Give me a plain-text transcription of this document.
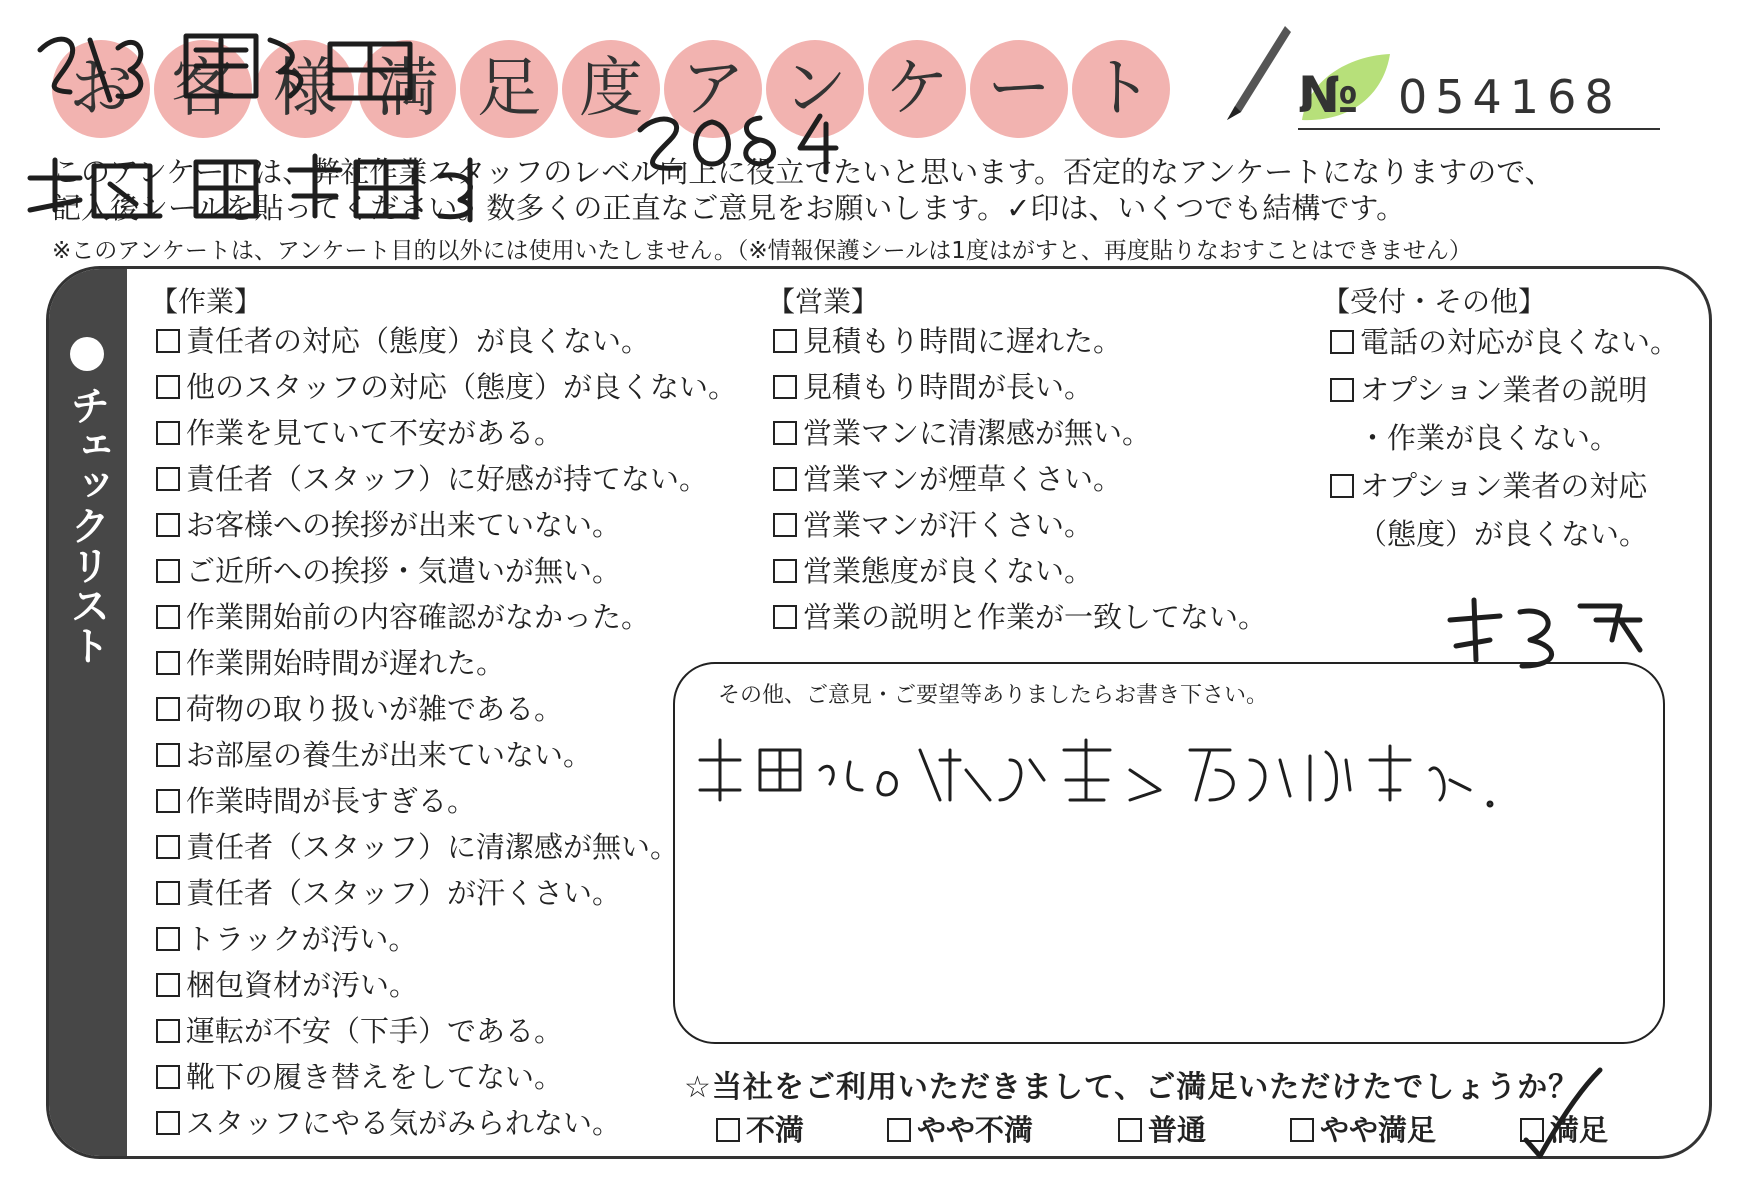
お 客 様 満 足 度 ア ン ケ ー ト	№ 054168
このアンケートは、弊社作業スタッフのレベル向上に役立てたいと思います。否定的なアンケートになりますので、
記入後シールを貼ってください。数多くの正直なご意見をお願いします。✓印は、いくつでも結構です。
※このアンケートは、アンケート目的以外には使用いたしません。（※情報保護シールは1度はがすと、再度貼りなおすことはできません）
チェックリスト
【作業】
責任者の対応（態度）が良くない。
他のスタッフの対応（態度）が良くない。
作業を見ていて不安がある。
責任者（スタッフ）に好感が持てない。
お客様への挨拶が出来ていない。
ご近所への挨拶・気遣いが無い。
作業開始前の内容確認がなかった。
作業開始時間が遅れた。
荷物の取り扱いが雑である。
お部屋の養生が出来ていない。
作業時間が長すぎる。
責任者（スタッフ）に清潔感が無い。
責任者（スタッフ）が汗くさい。
トラックが汚い。
梱包資材が汚い。
運転が不安（下手）である。
靴下の履き替えをしてない。
スタッフにやる気がみられない。
【営業】
見積もり時間に遅れた。
見積もり時間が長い。
営業マンに清潔感が無い。
営業マンが煙草くさい。
営業マンが汗くさい。
営業態度が良くない。
営業の説明と作業が一致してない。
【受付・その他】
電話の対応が良くない。
オプション業者の説明
・作業が良くない。
オプション業者の対応
（態度）が良くない。
その他、ご意見・ご要望等ありましたらお書き下さい。
☆当社をご利用いただきまして、ご満足いただけたでしょうか？
不満	やや不満	普通	やや満足	満足
